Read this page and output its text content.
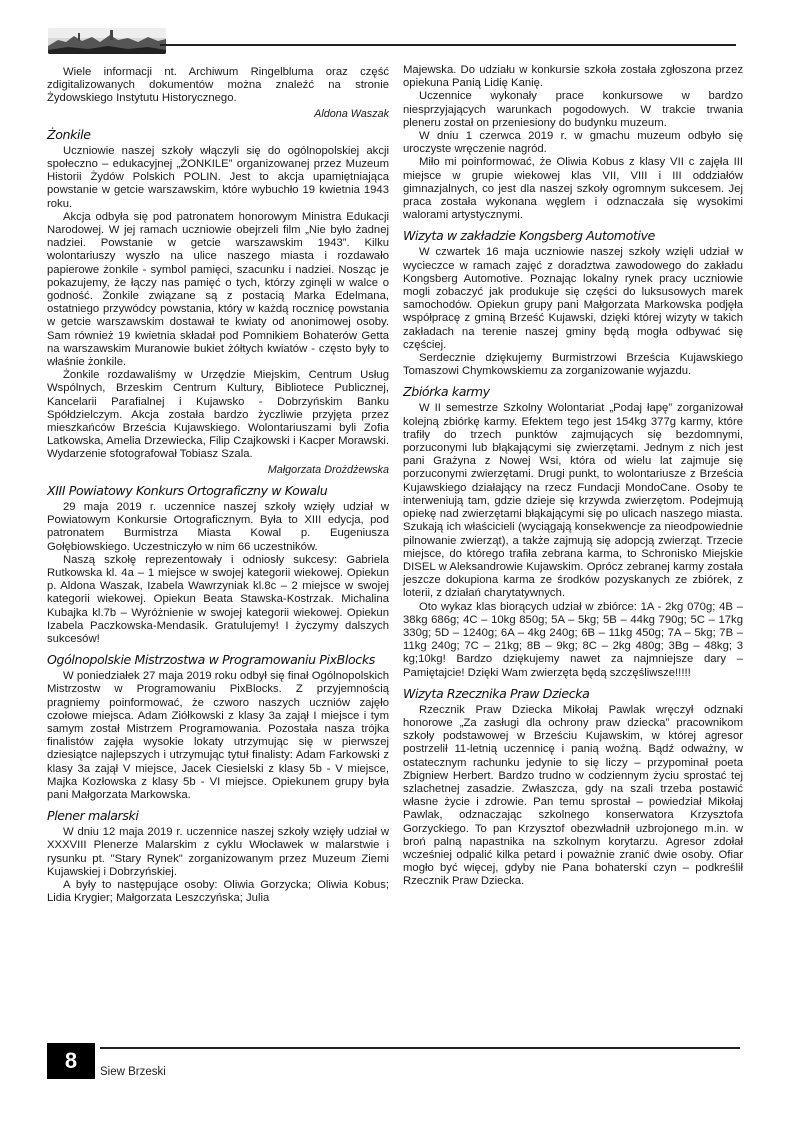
Wiele informacji nt. Archiwum Ringelbluma oraz część zdigitalizowanych dokumentów można znaleźć na stronie Żydowskiego Instytutu Historycznego.

Aldona Waszak
Żonkile

Uczniowie naszej szkoły włączyli się do ogólnopolskiej akcji społeczno – edukacyjnej „ŻONKILE” organizowanej przez Muzeum Historii Żydów Polskich POLIN. Jest to akcja upamiętniająca powstanie w getcie warszawskim, które wybuchło 19 kwietnia 1943 roku.

Akcja odbyła się pod patronatem honorowym Ministra Edukacji Narodowej. W jej ramach uczniowie obejrzeli film „Nie było żadnej nadziei. Powstanie w getcie warszawskim 1943”. Kilku wolontariuszy wyszło na ulice naszego miasta i rozdawało papierowe żonkile - symbol pamięci, szacunku i nadziei. Nosząc je pokazujemy, że łączy nas pamięć o tych, którzy zginęli w walce o godność. Żonkile związane są z postacią Marka Edelmana, ostatniego przywódcy powstania, który w każdą rocznicę powstania w getcie warszawskim dostawał te kwiaty od anonimowej osoby. Sam również 19 kwietnia składał pod Pomnikiem Bohaterów Getta na warszawskim Muranowie bukiet żółtych kwiatów - często były to właśnie żonkile.

Żonkile rozdawaliśmy w Urzędzie Miejskim, Centrum Usług Wspólnych, Brzeskim Centrum Kultury, Bibliotece Publicznej, Kancelarii Parafialnej i Kujawsko - Dobrzyńskim Banku Spółdzielczym. Akcja została bardzo życzliwie przyjęta przez mieszkańców Brześcia Kujawskiego. Wolontariuszami byli Zofia Latkowska, Amelia Drzewiecka, Filip Czajkowski i Kacper Morawski. Wydarzenie sfotografował Tobiasz Szala.

Małgorzata Drożdżewska
XIII Powiatowy Konkurs Ortograficzny w Kowalu

29 maja 2019 r. uczennice naszej szkoły wzięły udział w Powiatowym Konkursie Ortograficznym. Była to XIII edycja, pod patronatem Burmistrza Miasta Kowal p. Eugeniusza Gołębiowskiego. Uczestniczyło w nim 66 uczestników.

Naszą szkołę reprezentowały i odniosły sukcesy: Gabriela Rutkowska kl. 4a – 1 miejsce w swojej kategorii wiekowej. Opiekun p. Aldona Waszak, Izabela Wawrzyniak kl.8c – 2 miejsce w swojej kategorii wiekowej. Opiekun Beata Stawska-Kostrzak. Michalina Kubajka kl.7b – Wyróżnienie w swojej kategorii wiekowej. Opiekun Izabela Paczkowska-Mendasik. Gratulujemy! I życzymy dalszych sukcesów!

Ogólnopolskie Mistrzostwa w Programowaniu PixBlocks

W poniedziałek 27 maja 2019 roku odbył się finał Ogólnopolskich Mistrzostw w Programowaniu PixBlocks. Z przyjemnością pragniemy poinformować, że czworo naszych uczniów zajęło czołowe miejsca. Adam Ziółkowski z klasy 3a zajął I miejsce i tym samym został Mistrzem Programowania. Pozostała nasza trójka finalistów zajęła wysokie lokaty utrzymując się w pierwszej dziesiątce najlepszych i utrzymując tytuł finalisty: Adam Farkowski z klasy 3a zajął V miejsce, Jacek Ciesielski z klasy 5b - V miejsce, Majka Kozłowska z klasy 5b - VI miejsce. Opiekunem grupy była pani Małgorzata Markowska.

Plener malarski

W dniu 12 maja 2019 r. uczennice naszej szkoły wzięły udział w XXXVIII Plenerze Malarskim z cyklu Włocławek w malarstwie i rysunku pt. "Stary Rynek" zorganizowanym przez Muzeum Ziemi Kujawskiej i Dobrzyńskiej.

A były to następujące osoby: Oliwia Gorzycka; Oliwia Kobus; Lidia Krygier; Małgorzata Leszczyńska; Julia

Majewska. Do udziału w konkursie szkoła została zgłoszona przez opiekuna Panią Lidię Kanię.

Uczennice wykonały prace konkursowe w bardzo niesprzyjających warunkach pogodowych. W trakcie trwania pleneru został on przeniesiony do budynku muzeum.

W dniu 1 czerwca 2019 r. w gmachu muzeum odbyło się uroczyste wręczenie nagród.

Miło mi poinformować, że Oliwia Kobus z klasy VII c zajęła III miejsce w grupie wiekowej klas VII, VIII i III oddziałów gimnazjalnych, co jest dla naszej szkoły ogromnym sukcesem. Jej praca została wykonana węglem i odznaczała się wysokimi walorami artystycznymi.

Wizyta w zakładzie Kongsberg Automotive

W czwartek 16 maja uczniowie naszej szkoły wzięli udział w wycieczce w ramach zajęć z doradztwa zawodowego do zakładu Kongsberg Automotive. Poznając lokalny rynek pracy uczniowie mogli zobaczyć jak produkuje się części do luksusowych marek samochodów. Opiekun grupy pani Małgorzata Markowska podjęła współpracę z gminą Brześć Kujawski, dzięki której wizyty w takich zakładach na terenie naszej gminy będą mogła odbywać się częściej.

Serdecznie dziękujemy Burmistrzowi Brześcia Kujawskiego Tomaszowi Chymkowskiemu za zorganizowanie wyjazdu.

Zbiórka karmy

W II semestrze Szkolny Wolontariat „Podaj łapę” zorganizował kolejną zbiórkę karmy. Efektem tego jest 154kg 377g karmy, które trafiły do trzech punktów zajmujących się bezdomnymi, porzuconymi lub błąkającymi się zwierzętami. Jednym z nich jest pani Grażyna z Nowej Wsi, która od wielu lat zajmuje się porzuconymi zwierzętami. Drugi punkt, to wolontariusze z Brześcia Kujawskiego działający na rzecz Fundacji MondoCane. Osoby te interweniują tam, gdzie dzieje się krzywda zwierzętom. Podejmują opiekę nad zwierzętami błąkającymi się po ulicach naszego miasta. Szukają ich właścicieli (wyciągają konsekwencje za nieodpowiednie pilnowanie zwierząt), a także zajmują się adopcją zwierząt. Trzecie miejsce, do którego trafiła zebrana karma, to Schronisko Miejskie DISEL w Aleksandrowie Kujawskim. Oprócz zebranej karmy została jeszcze dokupiona karma ze środków pozyskanych ze zbiórek, z loterii, z działań charytatywnych.

Oto wykaz klas biorących udział w zbiórce: 1A - 2kg 070g; 4B – 38kg 686g; 4C – 10kg 850g; 5A – 5kg; 5B – 44kg 790g; 5C – 17kg 330g; 5D – 1240g; 6A – 4kg 240g; 6B – 11kg 450g; 7A – 5kg; 7B – 11kg 240g; 7C – 21kg; 8B – 9kg; 8C – 2kg 480g; 3Bg – 48kg; 3 kg;10kg! Bardzo dziękujemy nawet za najmniejsze dary – Pamiętajcie! Dzięki Wam zwierzęta będą szczęśliwsze!!!!!

Wizyta Rzecznika Praw Dziecka

Rzecznik Praw Dziecka Mikołaj Pawlak wręczył odznaki honorowe „Za zasługi dla ochrony praw dziecka” pracownikom szkoły podstawowej w Brześciu Kujawskim, w której agresor postrzelił 11-letnią uczennicę i panią woźną. Bądź odważny, w ostatecznym rachunku jedynie to się liczy – przypominał poeta Zbigniew Herbert. Bardzo trudno w codziennym życiu sprostać tej szlachetnej zasadzie. Zwłaszcza, gdy na szali trzeba postawić własne życie i zdrowie. Pan temu sprostał – powiedział Mikołaj Pawlak, odznaczając szkolnego konserwatora Krzysztofa Gorzyckiego. To pan Krzysztof obezwładnił uzbrojonego m.in. w broń palną napastnika na szkolnym korytarzu. Agresor zdołał wcześniej odpalić kilka petard i poważnie zranić dwie osoby. Ofiar mogło być więcej, gdyby nie Pana bohaterski czyn – podkreślił Rzecznik Praw Dziecka.

8	Siew Brzeski
